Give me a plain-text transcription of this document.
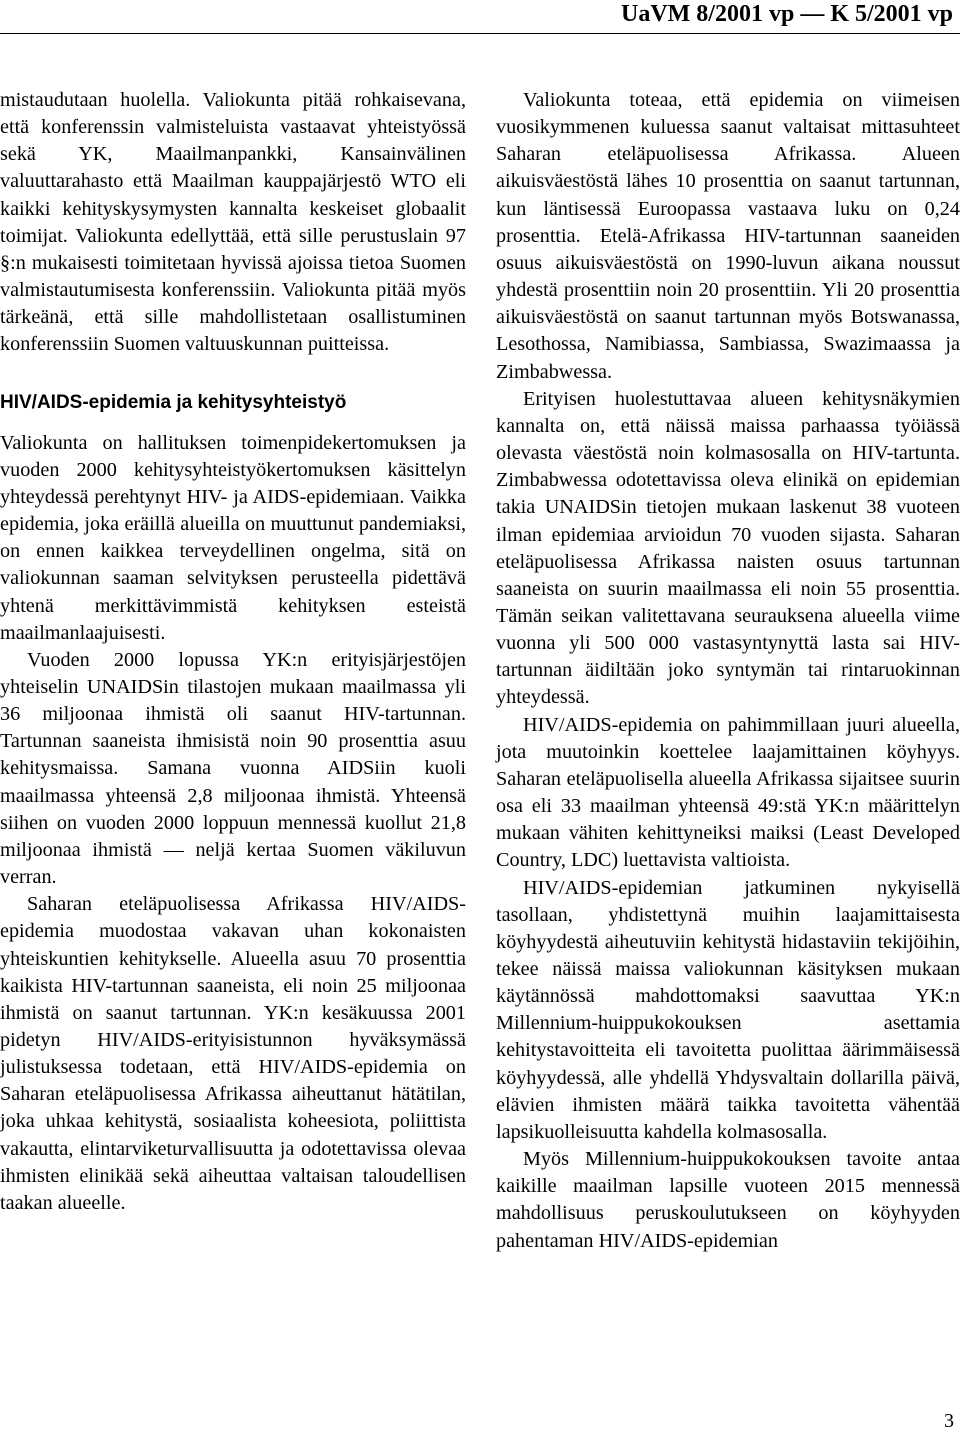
UaVM 8/2001 vp — K 5/2001 vp

mistaudutaan huolella. Valiokunta pitää rohkaisevana, että konferenssin valmisteluista vastaavat yhteistyössä sekä YK, Maailmanpankki, Kansainvälinen valuuttarahasto että Maailman kauppajärjestö WTO eli kaikki kehityskysymysten kannalta keskeiset globaalit toimijat. Valiokunta edellyttää, että sille perustuslain 97 §:n mukaisesti toimitetaan hyvissä ajoissa tietoa Suomen valmistautumisesta konferenssiin. Valiokunta pitää myös tärkeänä, että sille mahdollistetaan osallistuminen konferenssiin Suomen valtuuskunnan puitteissa.

HIV/AIDS-epidemia ja kehitysyhteistyö

Valiokunta on hallituksen toimenpidekertomuksen ja vuoden 2000 kehitysyhteistyökertomuksen käsittelyn yhteydessä perehtynyt HIV- ja AIDS-epidemiaan. Vaikka epidemia, joka eräillä alueilla on muuttunut pandemiaksi, on ennen kaikkea terveydellinen ongelma, sitä on valiokunnan saaman selvityksen perusteella pidettävä yhtenä merkittävimmistä kehityksen esteistä maailmanlaajuisesti.

Vuoden 2000 lopussa YK:n erityisjärjestöjen yhteiselin UNAIDSin tilastojen mukaan maailmassa yli 36 miljoonaa ihmistä oli saanut HIV-tartunnan. Tartunnan saaneista ihmisistä noin 90 prosenttia asuu kehitysmaissa. Samana vuonna AIDSiin kuoli maailmassa yhteensä 2,8 miljoonaa ihmistä. Yhteensä siihen on vuoden 2000 loppuun mennessä kuollut 21,8 miljoonaa ihmistä — neljä kertaa Suomen väkiluvun verran.

Saharan eteläpuolisessa Afrikassa HIV/AIDS-epidemia muodostaa vakavan uhan kokonaisten yhteiskuntien kehitykselle. Alueella asuu 70 prosenttia kaikista HIV-tartunnan saaneista, eli noin 25 miljoonaa ihmistä on saanut tartunnan. YK:n kesäkuussa 2001 pidetyn HIV/AIDS-erityisistunnon hyväksymässä julistuksessa todetaan, että HIV/AIDS-epidemia on Saharan eteläpuolisessa Afrikassa aiheuttanut hätätilan, joka uhkaa kehitystä, sosiaalista koheesiota, poliittista vakautta, elintarviketurvallisuutta ja odotettavissa olevaa ihmisten elinikää sekä aiheuttaa valtaisan taloudellisen taakan alueelle.

Valiokunta toteaa, että epidemia on viimeisen vuosikymmenen kuluessa saanut valtaisat mittasuhteet Saharan eteläpuolisessa Afrikassa. Alueen aikuisväestöstä lähes 10 prosenttia on saanut tartunnan, kun läntisessä Euroopassa vastaava luku on 0,24 prosenttia. Etelä-Afrikassa HIV-tartunnan saaneiden osuus aikuisväestöstä on 1990-luvun aikana noussut yhdestä prosenttiin noin 20 prosenttiin. Yli 20 prosenttia aikuisväestöstä on saanut tartunnan myös Botswanassa, Lesothossa, Namibiassa, Sambiassa, Swazimaassa ja Zimbabwessa.

Erityisen huolestuttavaa alueen kehitysnäkymien kannalta on, että näissä maissa parhaassa työiässä olevasta väestöstä noin kolmasosalla on HIV-tartunta. Zimbabwessa odotettavissa oleva elinikä on epidemian takia UNAIDSin tietojen mukaan laskenut 38 vuoteen ilman epidemiaa arvioidun 70 vuoden sijasta. Saharan eteläpuolisessa Afrikassa naisten osuus tartunnan saaneista on suurin maailmassa eli noin 55 prosenttia. Tämän seikan valitettavana seurauksena alueella viime vuonna yli 500 000 vastasyntynyttä lasta sai HIV-tartunnan äidiltään joko syntymän tai rintaruokinnan yhteydessä.

HIV/AIDS-epidemia on pahimmillaan juuri alueella, jota muutoinkin koettelee laajamittainen köyhyys. Saharan eteläpuolisella alueella Afrikassa sijaitsee suurin osa eli 33 maailman yhteensä 49:stä YK:n määrittelyn mukaan vähiten kehittyneiksi maiksi (Least Developed Country, LDC) luettavista valtioista.

HIV/AIDS-epidemian jatkuminen nykyisellä tasollaan, yhdistettynä muihin laajamittaisesta köyhyydestä aiheutuviin kehitystä hidastaviin tekijöihin, tekee näissä maissa valiokunnan käsityksen mukaan käytännössä mahdottomaksi saavuttaa YK:n Millennium-huippukokouksen asettamia kehitystavoitteita eli tavoitetta puolittaa äärimmäisessä köyhyydessä, alle yhdellä Yhdysvaltain dollarilla päivä, elävien ihmisten määrä taikka tavoitetta vähentää lapsikuolleisuutta kahdella kolmasosalla.

Myös Millennium-huippukokouksen tavoite antaa kaikille maailman lapsille vuoteen 2015 mennessä mahdollisuus peruskoulutukseen on köyhyyden pahentaman HIV/AIDS-epidemian

3
